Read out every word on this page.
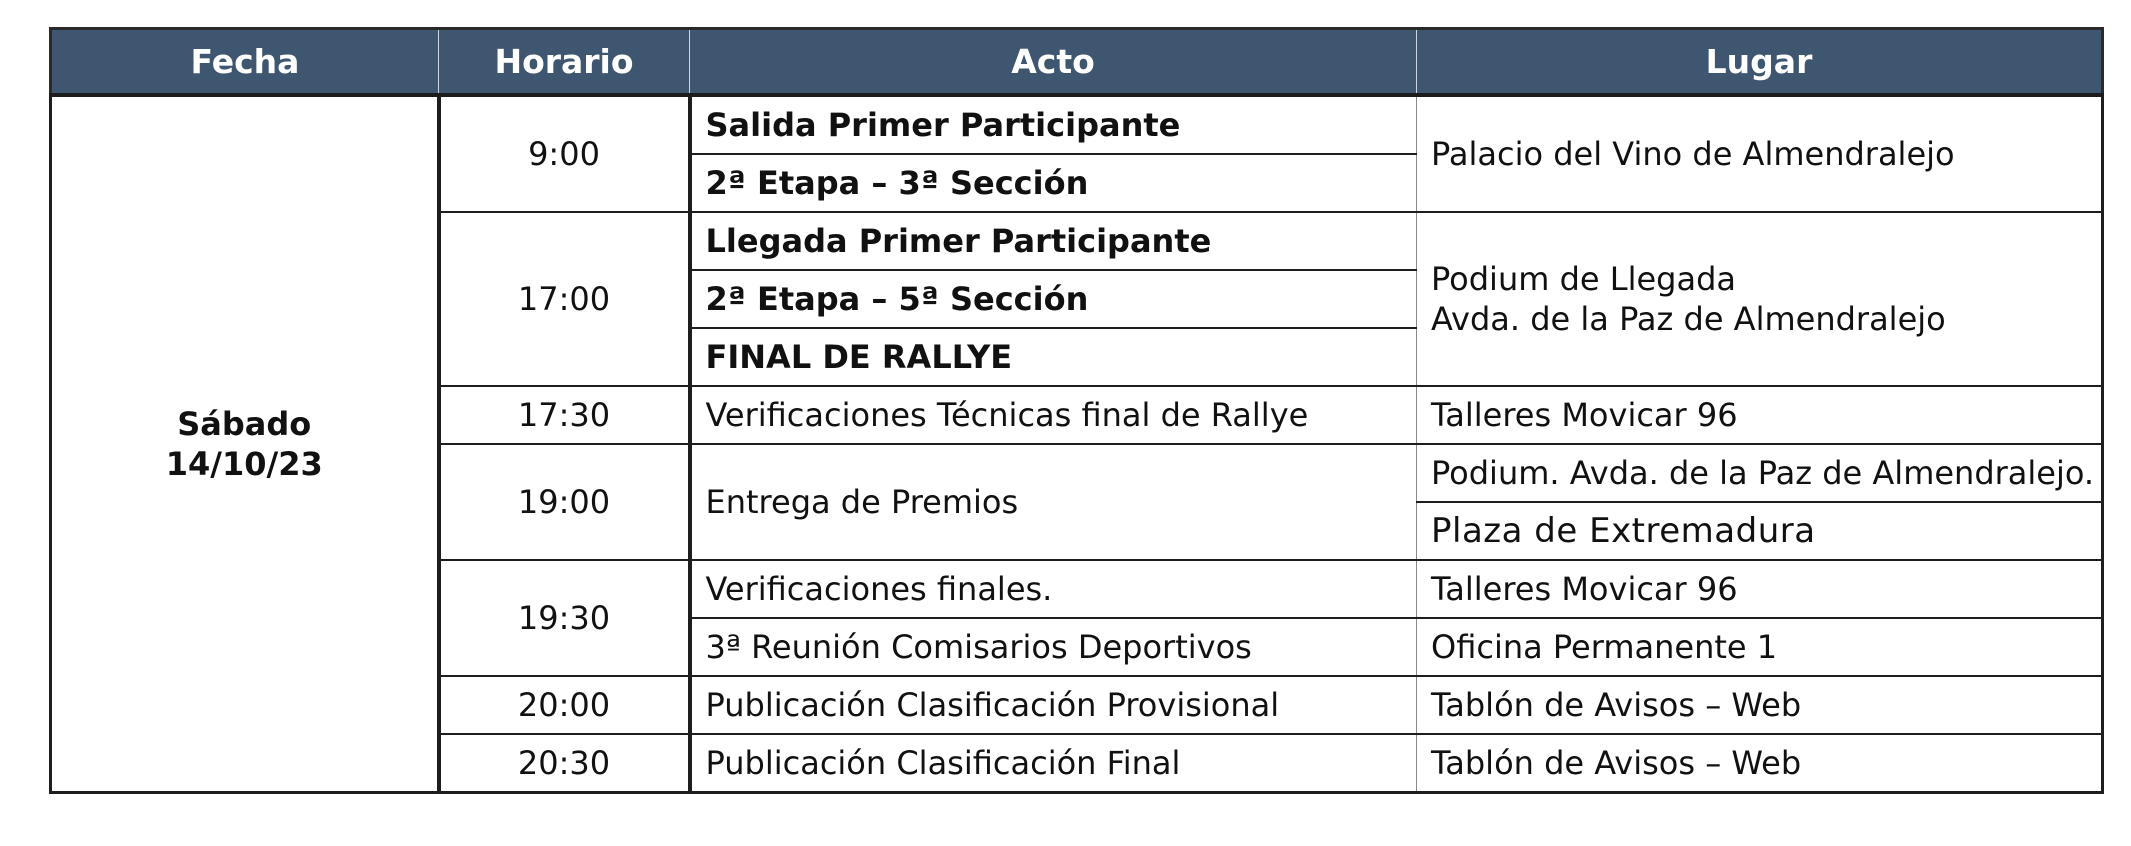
Fecha	Horario	Acto	Lugar

Sábado
14/10/23	9:00	Salida Primer Participante	Palacio del Vino de Almendralejo
		2ª Etapa – 3ª Sección	
	17:00	Llegada Primer Participante	Podium de Llegada
Avda. de la Paz de Almendralejo

		2ª Etapa – 5ª Sección	
		FINAL DE RALLYE	
	17:30	Verificaciones Técnicas final de Rallye	Talleres Movicar 96
	19:00	Entrega de Premios	Podium. Avda. de la Paz de Almendralejo.
			Plaza de Extremadura
	19:30	Verificaciones finales.	Talleres Movicar 96
		3ª Reunión Comisarios Deportivos	Oficina Permanente 1
	20:00	Publicación Clasificación Provisional	Tablón de Avisos – Web
	20:30	Publicación Clasificación Final	Tablón de Avisos – Web
